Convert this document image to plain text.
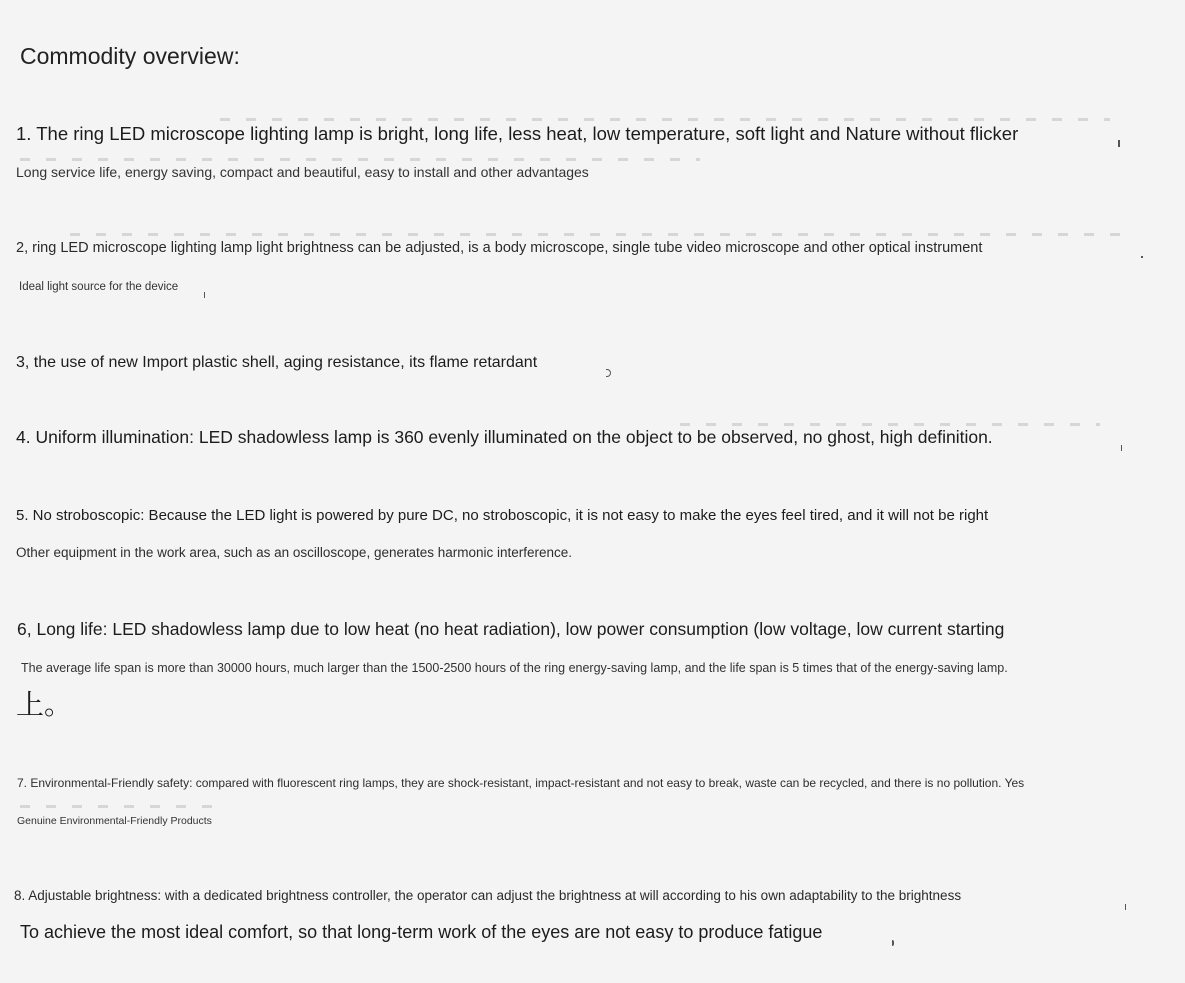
Commodity overview:
1. The ring LED microscope lighting lamp is bright, long life, less heat, low temperature, soft light and Nature without flicker
Long service life, energy saving, compact and beautiful, easy to install and other advantages
2, ring LED microscope lighting lamp light brightness can be adjusted, is a body microscope, single tube video microscope and other optical instrument
Ideal light source for the device
3, the use of new Import plastic shell, aging resistance, its flame retardant
4. Uniform illumination: LED shadowless lamp is 360 evenly illuminated on the object to be observed, no ghost, high definition.
5. No stroboscopic: Because the LED light is powered by pure DC, no stroboscopic, it is not easy to make the eyes feel tired, and it will not be right
Other equipment in the work area, such as an oscilloscope, generates harmonic interference.
6, Long life: LED shadowless lamp due to low heat (no heat radiation), low power consumption (low voltage, low current starting
The average life span is more than 30000 hours, much larger than the 1500-2500 hours of the ring energy-saving lamp, and the life span is 5 times that of the energy-saving lamp.
上。
7. Environmental-Friendly safety: compared with fluorescent ring lamps, they are shock-resistant, impact-resistant and not easy to break, waste can be recycled, and there is no pollution. Yes
Genuine Environmental-Friendly Products
8. Adjustable brightness: with a dedicated brightness controller, the operator can adjust the brightness at will according to his own adaptability to the brightness
To achieve the most ideal comfort, so that long-term work of the eyes are not easy to produce fatigue
